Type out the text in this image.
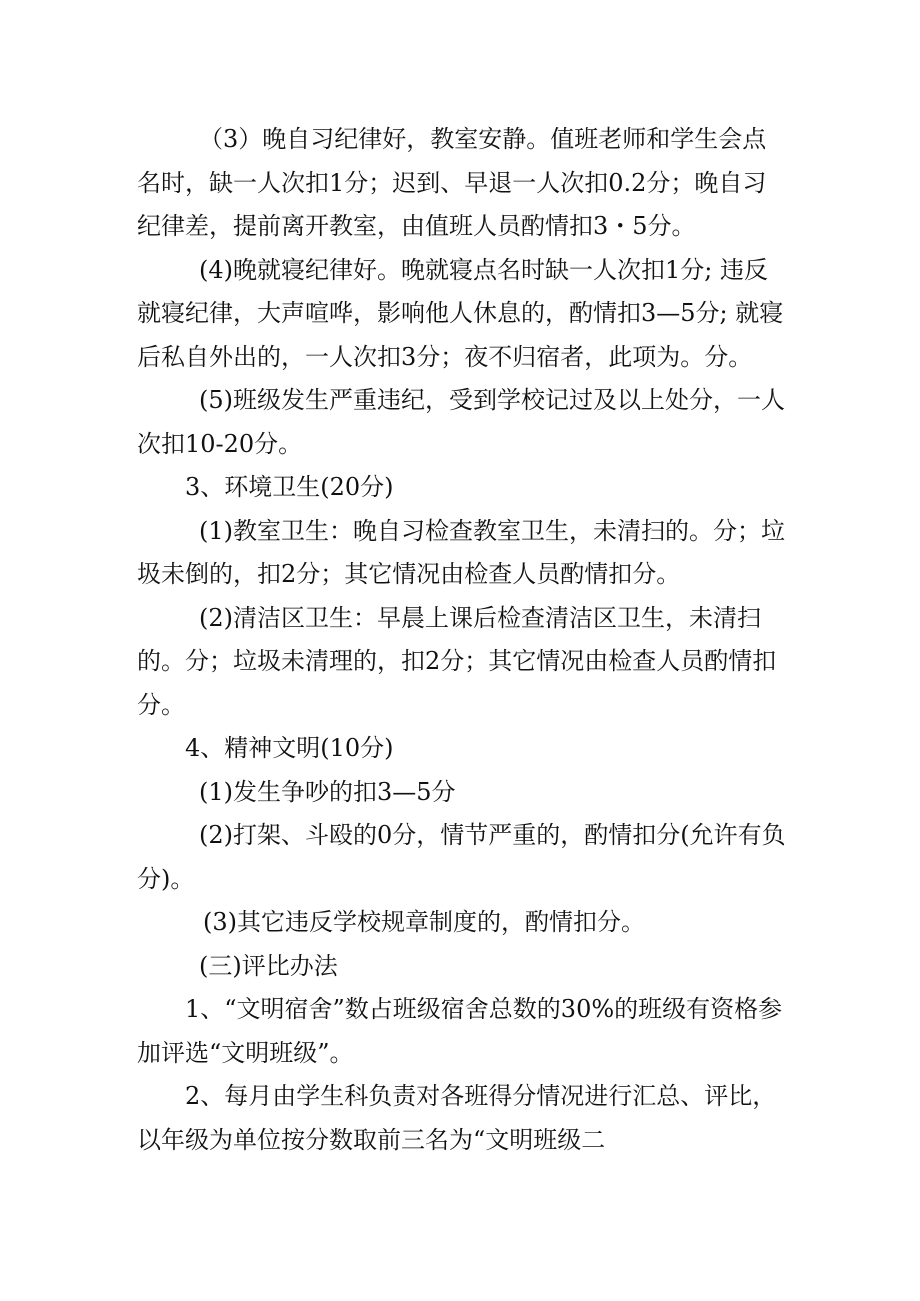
（3）晚自习纪律好，教室安静。值班老师和学生会点名时，缺一人次扣1分；迟到、早退一人次扣0.2分；晚自习纪律差，提前离开教室，由值班人员酌情扣3・5分。

(4)晚就寝纪律好。晚就寝点名时缺一人次扣1分; 违反就寝纪律，大声喧哗，影响他人休息的，酌情扣3—5分; 就寝后私自外出的，一人次扣3分；夜不归宿者，此项为。分。

(5)班级发生严重违纪，受到学校记过及以上处分，一人次扣10-20分。

3、环境卫生(20分)

(1)教室卫生：晚自习检查教室卫生，未清扫的。分；垃圾未倒的，扣2分；其它情况由检查人员酌情扣分。

(2)清洁区卫生：早晨上课后检查清洁区卫生，未清扫的。分；垃圾未清理的，扣2分；其它情况由检查人员酌情扣分。

4、精神文明(10分)

(1)发生争吵的扣3—5分

(2)打架、斗殴的0分，情节严重的，酌情扣分(允许有负分)。

(3)其它违反学校规章制度的，酌情扣分。

(三)评比办法

1、“文明宿舍”数占班级宿舍总数的30%的班级有资格参加评选“文明班级”。

2、每月由学生科负责对各班得分情况进行汇总、评比，以年级为单位按分数取前三名为“文明班级二
